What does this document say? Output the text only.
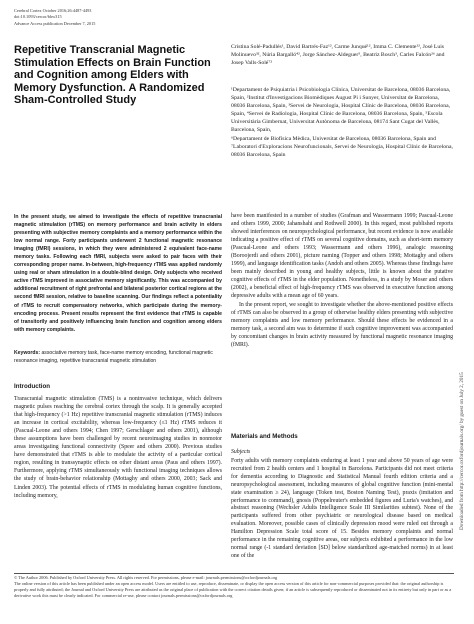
Cerebral Cortex October 2016;26:4487-4493
doi:10.1093/cercor/bhw315
Advance Access publication December 7, 2015
Repetitive Transcranial Magnetic Stimulation Effects on Brain Function and Cognition among Elders with Memory Dysfunction. A Randomized Sham-Controlled Study
Cristina Solé-Padullés¹, David Bartrés-Faz¹², Carme Junqué¹², Imma C. Clemente¹², José Luis Molinuevo³², Núria Bargalló⁴², Jorge Sánchez-Aldeguer⁵, Beatriz Bosch³, Carles Falcón²⁶ and Josep Valls-Solé⁷²

¹Departament de Psiquiatria i Psicobiologia Clínica, Universitat de Barcelona, 08036 Barcelona, Spain, ²Institut d'Investigacions Biomèdiques August Pi i Sunyer, Universitat de Barcelona, 08036 Barcelona, Spain, ³Servei de Neurologia, Hospital Clínic de Barcelona, 08036 Barcelona, Spain, ⁴Servei de Radiologia, Hospital Clínic de Barcelona, 08036 Barcelona, Spain, ⁵Escola Universitària Gimbernat, Universitat Autònoma de Barcelona, 08174 Sant Cugat del Vallès, Barcelona, Spain,

⁶Departament de Biofísica Mèdica, Universitat de Barcelona, 08036 Barcelona, Spain and ⁷Laboratori d'Exploracions Neurofuncionals, Servei de Neurologia, Hospital Clínic de Barcelona, 08036 Barcelona, Spain

In the present study, we aimed to investigate the effects of repetitive transcranial magnetic stimulation (rTMS) on memory performance and brain activity in elders presenting with subjective memory complaints and a memory performance within the low normal range. Forty participants underwent 2 functional magnetic resonance imaging (fMRI) sessions, in which they were administered 2 equivalent face-name memory tasks. Following each fMRI, subjects were asked to pair faces with their corresponding proper name. In-between, high-frequency rTMS was applied randomly using real or sham stimulation in a double-blind design. Only subjects who received active rTMS improved in associative memory significantly. This was accompanied by additional recruitment of right prefrontal and bilateral posterior cortical regions at the second fMRI session, relative to baseline scanning. Our findings reflect a potentiality of rTMS to recruit compensatory networks, which participate during the memory-encoding process. Present results represent the first evidence that rTMS is capable of transitorily and positively influencing brain function and cognition among elders with memory complaints.
Keywords: associative memory task, face-name memory encoding, functional magnetic resonance imaging, repetitive transcranial magnetic stimulation
Introduction

Transcranial magnetic stimulation (TMS) is a noninvasive technique, which delivers magnetic pulses reaching the cerebral cortex through the scalp. It is generally accepted that high-frequency (>1 Hz) repetitive transcranial magnetic stimulation (rTMS) induces an increase in cortical excitability, whereas low-frequency (≤1 Hz) rTMS reduces it (Pascual-Leone and others 1994; Chen 1997; Gerschlager and others 2001), although these assumptions have been challenged by recent neuroimaging studies in nonmotor areas investigating functional connectivity (Speer and others 2000). Previous studies have demonstrated that rTMS is able to modulate the activity of a particular cortical region, resulting in transsynaptic effects on other distant areas (Paus and others 1997). Furthermore, applying rTMS simultaneously with functional imaging techniques allows the study of brain-behavior relationship (Mottaghy and others 2000, 2003; Sack and Linden 2003). The potential effects of rTMS in modulating human cognitive functions, including memory,

have been manifested in a number of studies (Grafman and Wassermann 1999; Pascual-Leone and others 1999, 2000; Jahanshahi and Rothwell 2000). In this regard, most published reports showed interferences on neuropsychological performance, but recent evidence is now available indicating a positive effect of rTMS on several cognitive domains, such as short-term memory (Pascual-Leone and others 1993; Wassermann and others 1996), analogic reasoning (Boroojerdi and others 2001), picture naming (Topper and others 1998; Mottaghy and others 1999), and language identification tasks (Andoh and others 2005). Whereas these findings have been mainly described in young and healthy subjects, little is known about the putative cognitive effects of rTMS in the elder population. Nonetheless, in a study by Moser and others (2002), a beneficial effect of high-frequency rTMS was observed in executive function among depressive adults with a mean age of 60 years.

In the present report, we sought to investigate whether the above-mentioned positive effects of rTMS can also be observed in a group of otherwise healthy elders presenting with subjective memory complaints and low memory performance. Should these effects be evidenced in a memory task, a second aim was to determine if such cognitive improvement was accompanied by concomitant changes in brain activity measured by functional magnetic resonance imaging (fMRI).

Materials and Methods
Subjects
Forty adults with memory complaints enduring at least 1 year and above 50 years of age were recruited from 2 health centers and 1 hospital in Barcelona. Participants did not meet criteria for dementia according to Diagnostic and Statistical Manual fourth edition criteria and a neuropsychological assessment, including measures of global cognitive function (mini-mental state examination ≥ 24), language (Token test, Boston Naming Test), praxis (imitation and performance to command), gnosis (Poppelreuter's embedded figures and Luria's watches), and abstract reasoning (Wechsler Adults Intelligence Scale III Similarities subtest). None of the participants suffered from other psychiatric or neurological disease based on medical evaluation. Moreover, possible cases of clinically depression mood were ruled out through a Hamilton Depression Scale total score of 15. Besides memory complaints and normal performance in the remaining cognitive areas, our subjects exhibited a performance in the low normal range (-1 standard deviation [SD] below standardized age-matched norms) in at least one of the

© The Author 2006. Published by Oxford University Press. All rights reserved. For permissions, please e-mail: journals.permissions@oxfordjournals.org

The online version of this article has been published under an open access model. Users are entitled to use, reproduce, disseminate, or display the open access version of this article for non-commercial purposes provided that: the original authorship is properly and fully attributed; the Journal and Oxford University Press are attributed as the original place of publication with the correct citation details given; if an article is subsequently reproduced or disseminated not in its entirety but only in part or as a derivative work this must be clearly indicated. For commercial re-use, please contact journals.permissions@oxfordjournals.org

Downloaded from http://cercor.oxfordjournals.org/ by guest on July 2, 2015
